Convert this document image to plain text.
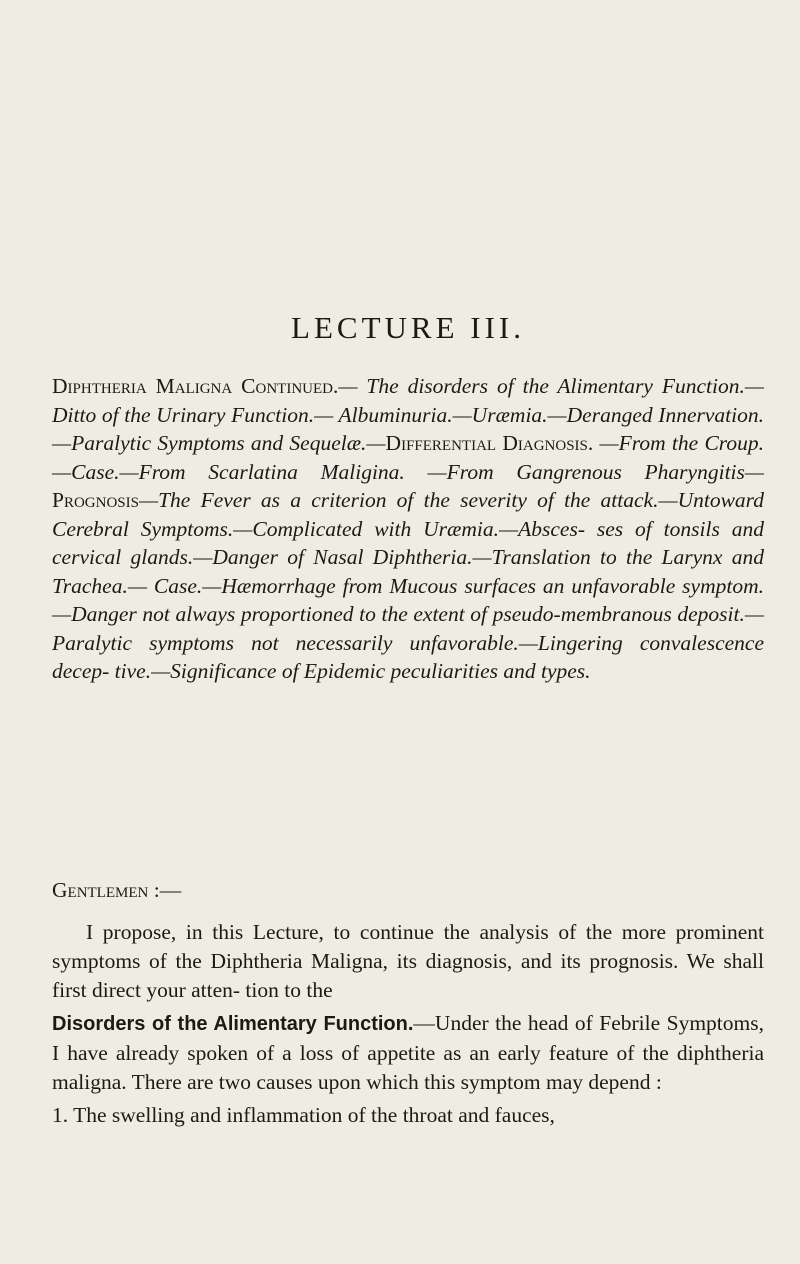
LECTURE III.

Diphtheria Maligna Continued.— The disorders of the Alimentary Function.—Ditto of the Urinary Function.— Albuminuria.—Uræmia.—Deranged Innervation.—Paralytic Symptoms and Sequelæ.—Differential Diagnosis. —From the Croup.—Case.—From Scarlatina Maligina. —From Gangrenous Pharyngitis—Prognosis—The Fever as a criterion of the severity of the attack.—Untoward Cerebral Symptoms.—Complicated with Uræmia.—Absces- ses of tonsils and cervical glands.—Danger of Nasal Diphtheria.—Translation to the Larynx and Trachea.— Case.—Hæmorrhage from Mucous surfaces an unfavorable symptom.—Danger not always proportioned to the extent of pseudo-membranous deposit.—Paralytic symptoms not necessarily unfavorable.—Lingering convalescence decep- tive.—Significance of Epidemic peculiarities and types.

Gentlemen :—

I propose, in this Lecture, to continue the analysis of the more prominent symptoms of the Diphtheria Maligna, its diagnosis, and its prognosis. We shall first direct your atten- tion to the

Disorders of the Alimentary Function.—Under the head of Febrile Symptoms, I have already spoken of a loss of appetite as an early feature of the diphtheria maligna. There are two causes upon which this symptom may depend :

1. The swelling and inflammation of the throat and fauces,
